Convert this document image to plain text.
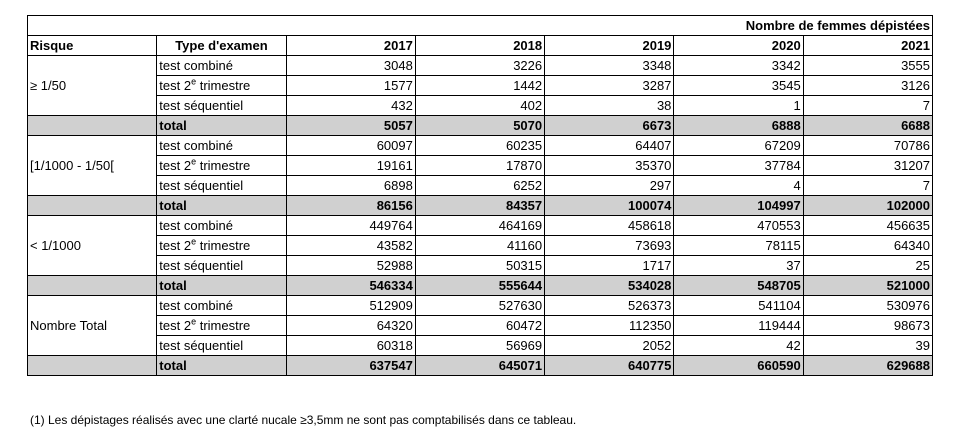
Nombre de femmes dépistées						
Risque	Type d'examen	2017	2018	2019	2020	2021
≥ 1/50	test combiné	3048	3226	3348	3342	3555
	test 2e trimestre	1577	1442	3287	3545	3126
	test séquentiel	432	402	38	1	7
	total	5057	5070	6673	6888	6688
[1/1000 - 1/50[	test combiné	60097	60235	64407	67209	70786
	test 2e trimestre	19161	17870	35370	37784	31207
	test séquentiel	6898	6252	297	4	7
	total	86156	84357	100074	104997	102000
< 1/1000	test combiné	449764	464169	458618	470553	456635
	test 2e trimestre	43582	41160	73693	78115	64340
	test séquentiel	52988	50315	1717	37	25
	total	546334	555644	534028	548705	521000
Nombre Total	test combiné	512909	527630	526373	541104	530976
	test 2e trimestre	64320	60472	112350	119444	98673
	test séquentiel	60318	56969	2052	42	39
	total	637547	645071	640775	660590	629688
(1) Les dépistages réalisés avec une clarté nucale ≥3,5mm ne sont pas comptabilisés dans ce tableau.
